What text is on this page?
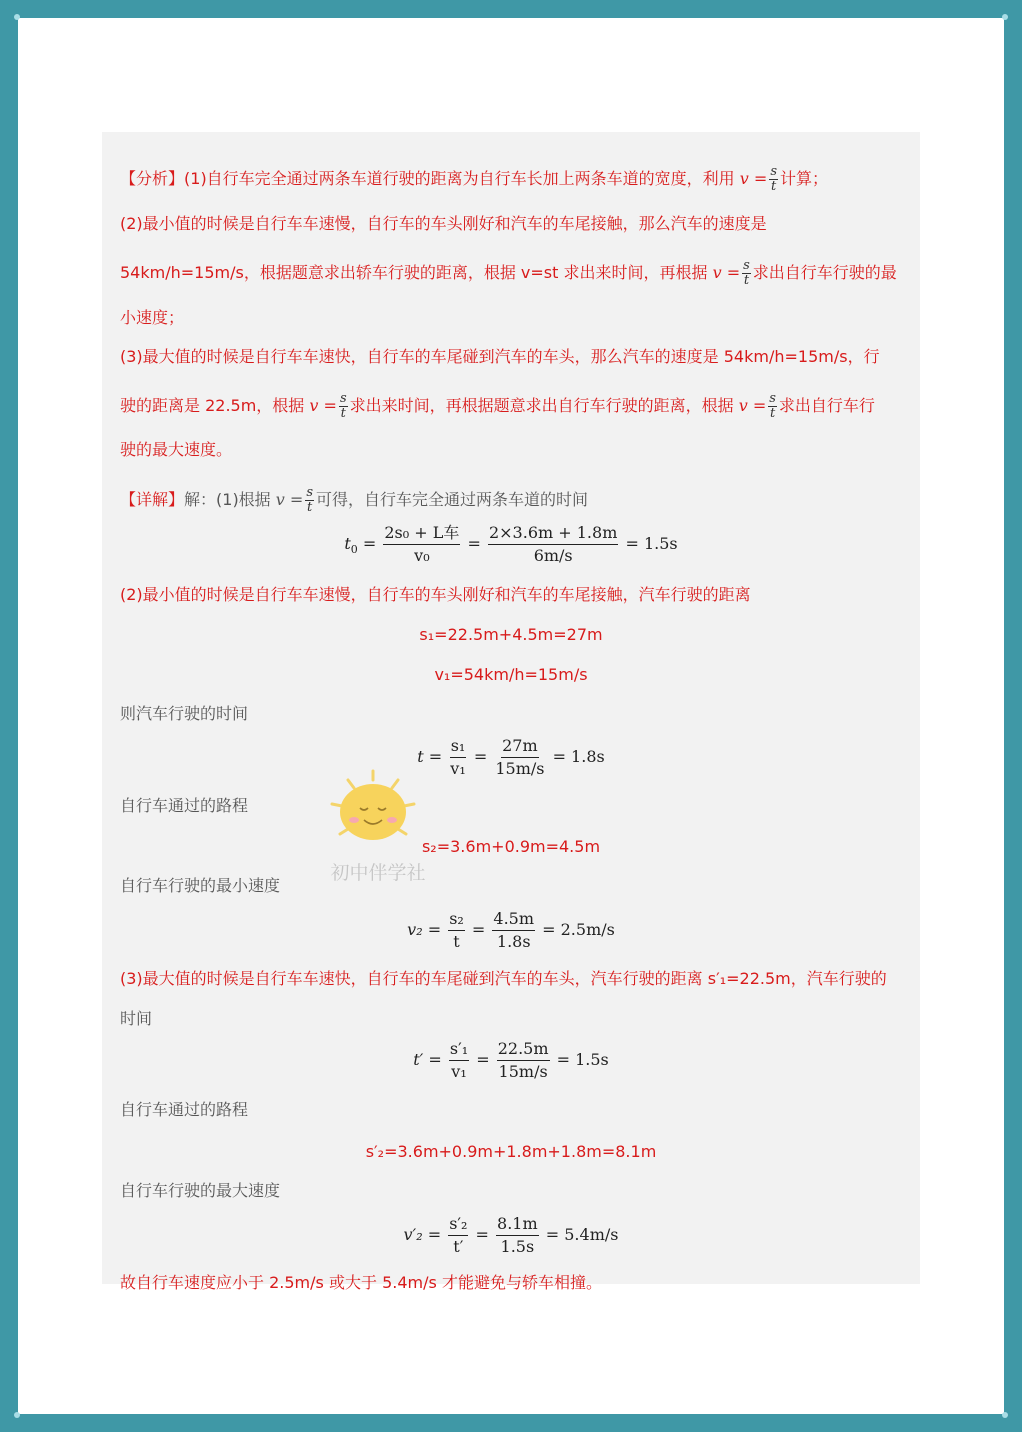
【分析】(1)自行车完全通过两条车道行驶的距离为自行车长加上两条车道的宽度，利用 $v = \frac{s}{t}$ 计算；
(2)最小值的时候是自行车车速慢，自行车的车头刚好和汽车的车尾接触，那么汽车的速度是
54km/h=15m/s，根据题意求出轿车行驶的距离，根据 v=st 求出来时间，再根据 $v = \frac{s}{t}$ 求出自行车行驶的最
小速度；
(3)最大值的时候是自行车车速快，自行车的车尾碰到汽车的车头，那么汽车的速度是 54km/h=15m/s，行
驶的距离是 22.5m，根据 $v = \frac{s}{t}$ 求出来时间，再根据题意求出自行车行驶的距离，根据 $v = \frac{s}{t}$ 求出自行车行
驶的最大速度。
【详解】解：(1)根据 $v = \frac{s}{t}$ 可得，自行车完全通过两条车道的时间
$t_0 = \frac{\text{2s₀ + L车}}{\text{v₀}} = \frac{2\times 3.6m + 1.8m}{6m/s} = 1.5s$
(2)最小值的时候是自行车车速慢，自行车的车头刚好和汽车的车尾接触，汽车行驶的距离
s₁=22.5m+4.5m=27m
v₁=54km/h=15m/s
则汽车行驶的时间
$t = \frac{\text{s₁}}{\text{v₁}} = \frac{27m}{15m/s} = 1.8s$
自行车通过的路程
s₂=3.6m+0.9m=4.5m
自行车行驶的最小速度
$v_2 = \frac{\text{s₂}}{t} = \frac{4.5m}{1.8s} = 2.5m/s$
(3)最大值的时候是自行车车速快，自行车的车尾碰到汽车的车头，汽车行驶的距离 s′₁=22.5m，汽车行驶的
时间
$t' = \frac{\text{s′₁}}{\text{v₁}} = \frac{22.5m}{15m/s} = 1.5s$
自行车通过的路程
s′₂=3.6m+0.9m+1.8m+1.8m=8.1m
自行车行驶的最大速度
$v'_2 = \frac{\text{s′₂}}{t'} = \frac{8.1m}{1.5s} = 5.4m/s$
故自行车速度应小于 2.5m/s 或大于 5.4m/s 才能避免与轿车相撞。
初中伴学社
